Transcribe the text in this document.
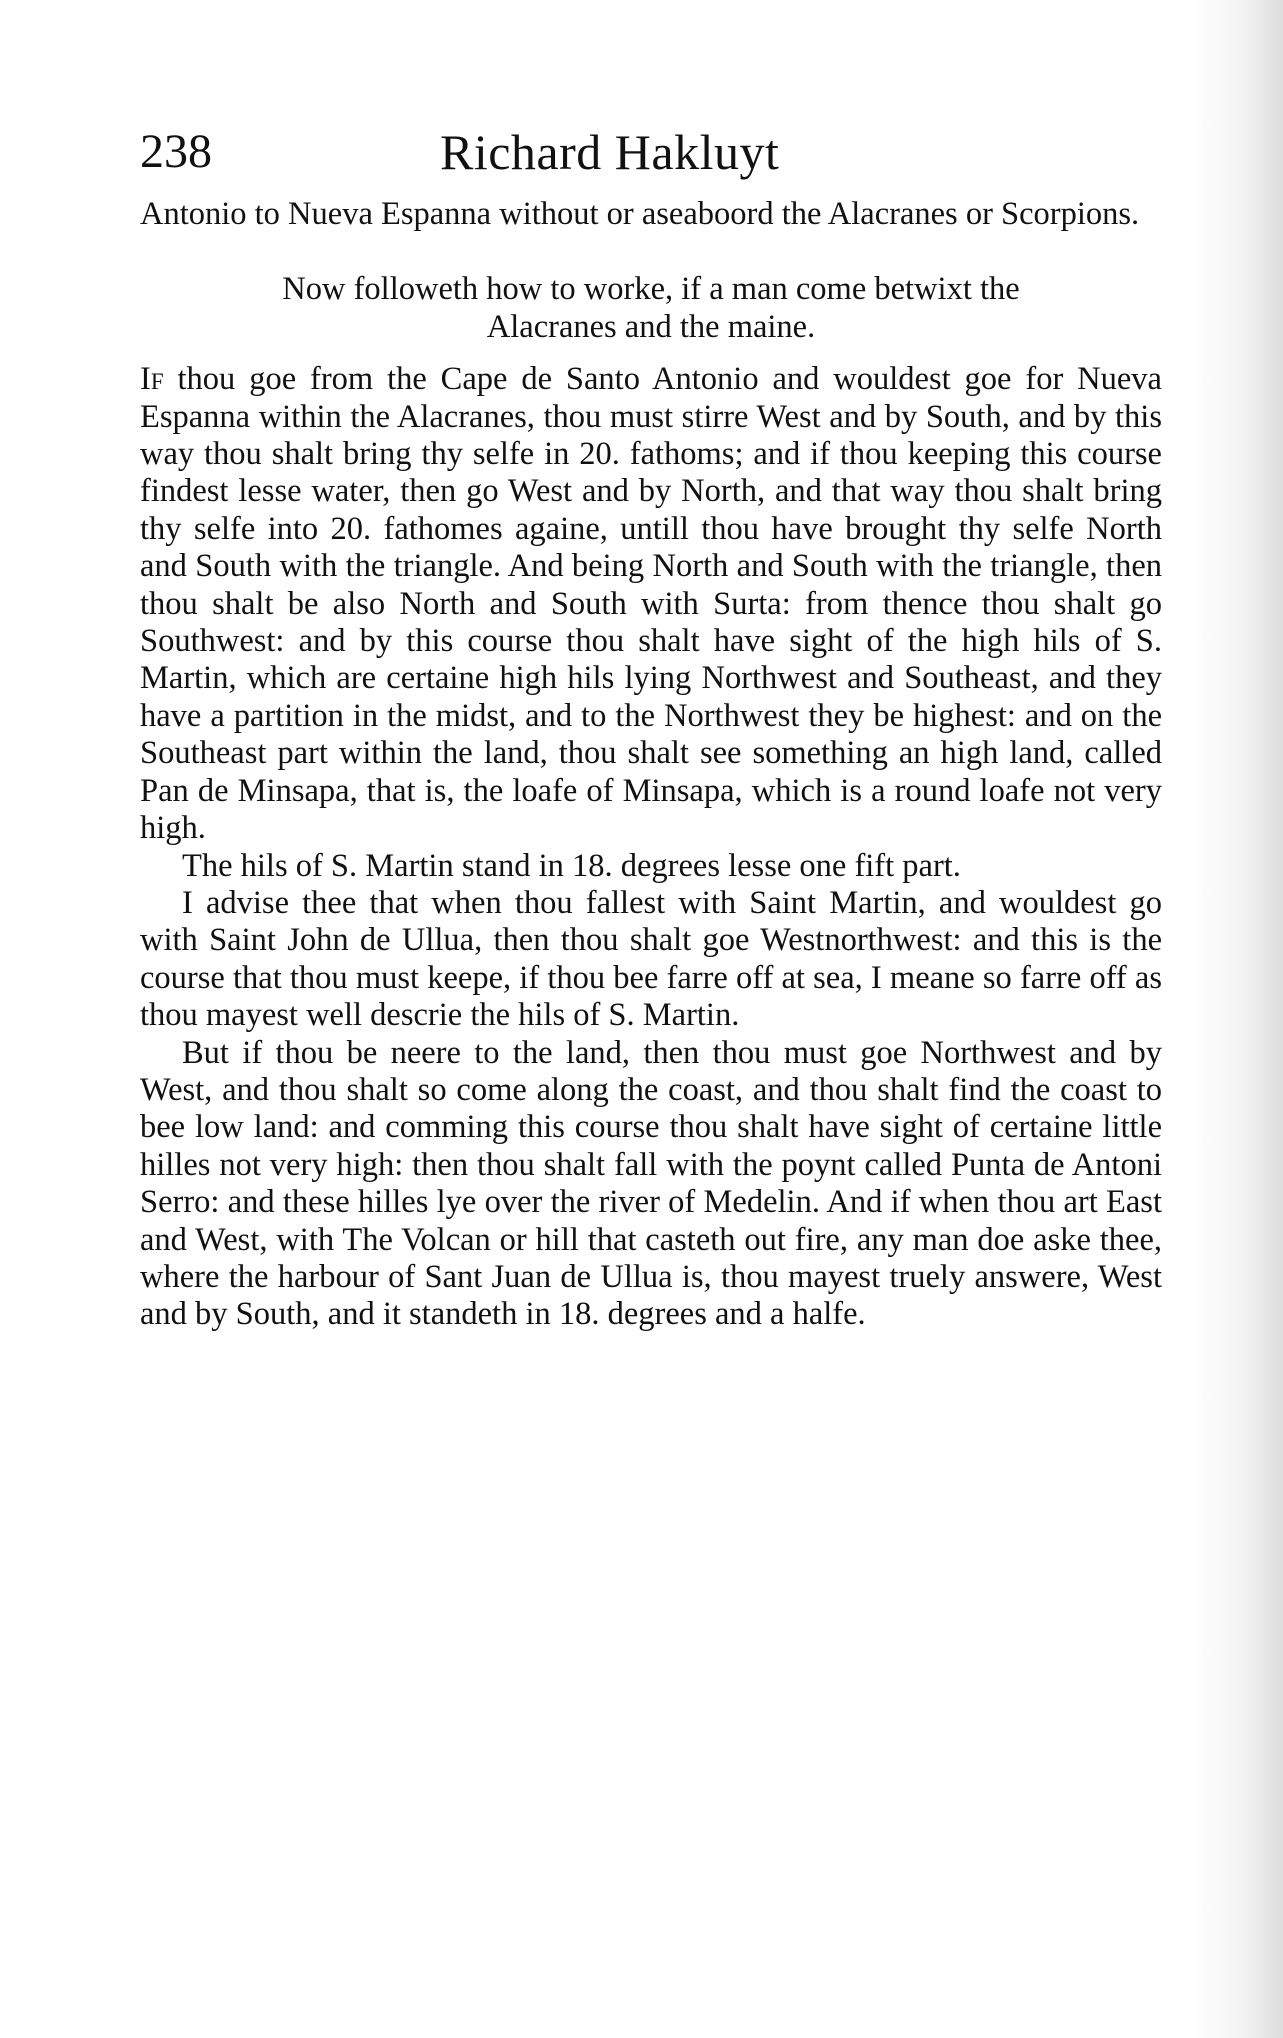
238	Richard Hakluyt

Antonio to Nueva Espanna without or aseaboord the Alacranes or Scorpions.

Now followeth how to worke, if a man come betwixt the
Alacranes and the maine.

If thou goe from the Cape de Santo Antonio and wouldest goe for Nueva Espanna within the Alacranes, thou must stirre West and by South, and by this way thou shalt bring thy selfe in 20. fathoms; and if thou keeping this course findest lesse water, then go West and by North, and that way thou shalt bring thy selfe into 20. fathomes againe, untill thou have brought thy selfe North and South with the triangle. And being North and South with the triangle, then thou shalt be also North and South with Surta: from thence thou shalt go Southwest: and by this course thou shalt have sight of the high hils of S. Martin, which are certaine high hils lying Northwest and Southeast, and they have a partition in the midst, and to the Northwest they be highest: and on the Southeast part within the land, thou shalt see something an high land, called Pan de Minsapa, that is, the loafe of Minsapa, which is a round loafe not very high.

The hils of S. Martin stand in 18. degrees lesse one fift part.

I advise thee that when thou fallest with Saint Martin, and wouldest go with Saint John de Ullua, then thou shalt goe Westnorthwest: and this is the course that thou must keepe, if thou bee farre off at sea, I meane so farre off as thou mayest well descrie the hils of S. Martin.

But if thou be neere to the land, then thou must goe Northwest and by West, and thou shalt so come along the coast, and thou shalt find the coast to bee low land: and comming this course thou shalt have sight of certaine little hilles not very high: then thou shalt fall with the poynt called Punta de Antoni Serro: and these hilles lye over the river of Medelin. And if when thou art East and West, with The Volcan or hill that casteth out fire, any man doe aske thee, where the harbour of Sant Juan de Ullua is, thou mayest truely answere, West and by South, and it standeth in 18. degrees and a halfe.
